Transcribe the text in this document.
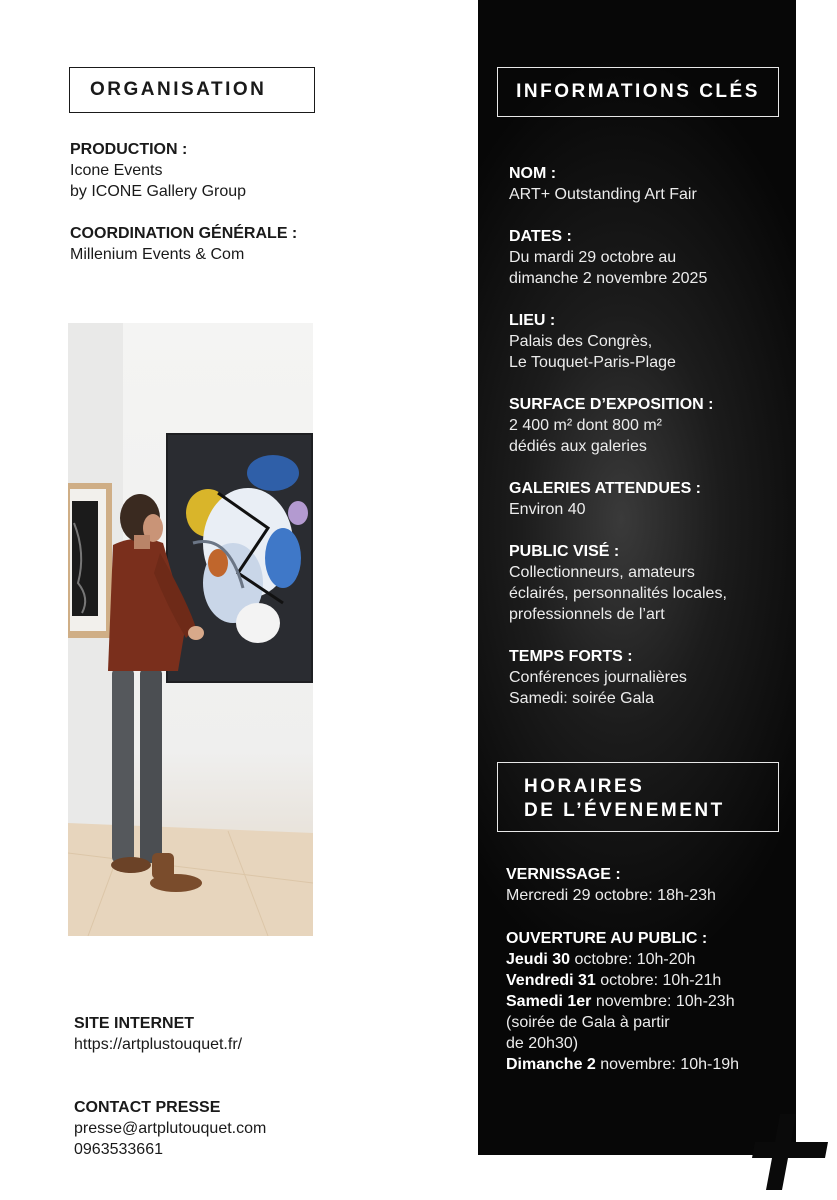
ORGANISATION
PRODUCTION :
Icone Events
by ICONE Gallery Group
COORDINATION GÉNÉRALE :
Millenium Events & Com
SITE INTERNET
https://artplustouquet.fr/
CONTACT PRESSE
presse@artplutouquet.com
0963533661
INFORMATIONS CLÉS
NOM :
ART+ Outstanding Art Fair
DATES :
Du mardi 29 octobre au
dimanche 2 novembre 2025
LIEU :
Palais des Congrès,
Le Touquet-Paris-Plage
SURFACE D’EXPOSITION :
2 400 m² dont 800 m²
dédiés aux galeries
GALERIES ATTENDUES :
Environ 40
PUBLIC VISÉ :
Collectionneurs, amateurs
éclairés, personnalités locales,
professionnels de l’art
TEMPS FORTS :
Conférences journalières
Samedi: soirée Gala
HORAIRES
DE L’ÉVENEMENT
VERNISSAGE :
Mercredi 29 octobre: 18h-23h
OUVERTURE AU PUBLIC :
Jeudi 30 octobre: 10h-20h
Vendredi 31 octobre: 10h-21h
Samedi 1er novembre: 10h-23h
(soirée de Gala à partir
de 20h30)
Dimanche 2 novembre: 10h-19h
